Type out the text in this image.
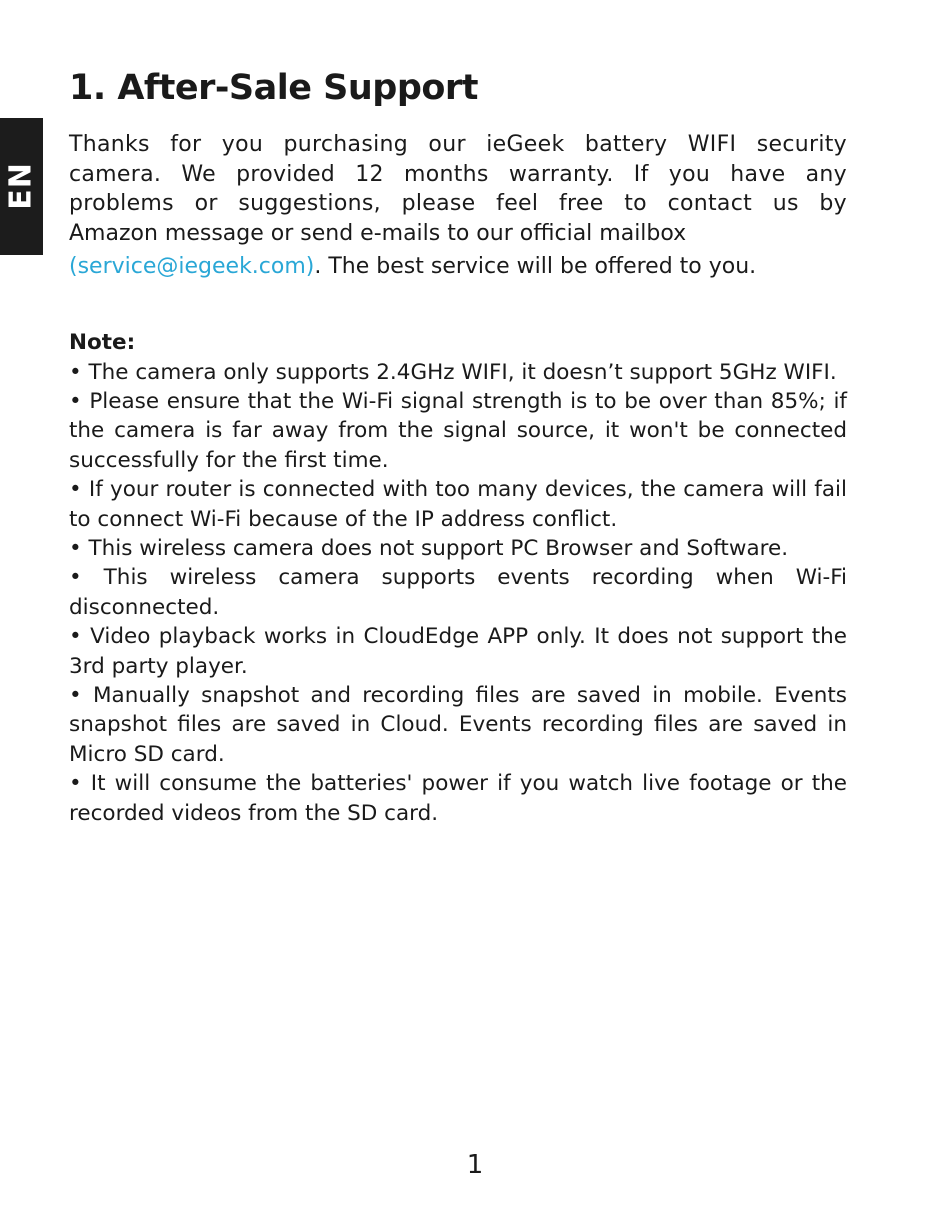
EN
1. After-Sale Support
Thanks for you purchasing our ieGeek battery WIFI security
camera. We provided 12 months warranty. If you have any
problems or suggestions, please feel free to contact us by
Amazon message or send e-mails to our official mailbox
(service@iegeek.com). The best service will be offered to you.
Note:
• The camera only supports 2.4GHz WIFI, it doesn’t support 5GHz WIFI.
• Please ensure that the Wi-Fi signal strength is to be over than 85%; if the camera is far away from the signal source, it won't be connected successfully for the first time.
• If your router is connected with too many devices, the camera will fail to connect Wi-Fi because of the IP address conflict.
• This wireless camera does not support PC Browser and Software.
• This wireless camera supports events recording when Wi-Fi disconnected.
• Video playback works in CloudEdge APP only. It does not support the 3rd party player.
• Manually snapshot and recording files are saved in mobile. Events snapshot files are saved in Cloud. Events recording files are saved in Micro SD card.
• It will consume the batteries' power if you watch live footage or the recorded videos from the SD card.
1
